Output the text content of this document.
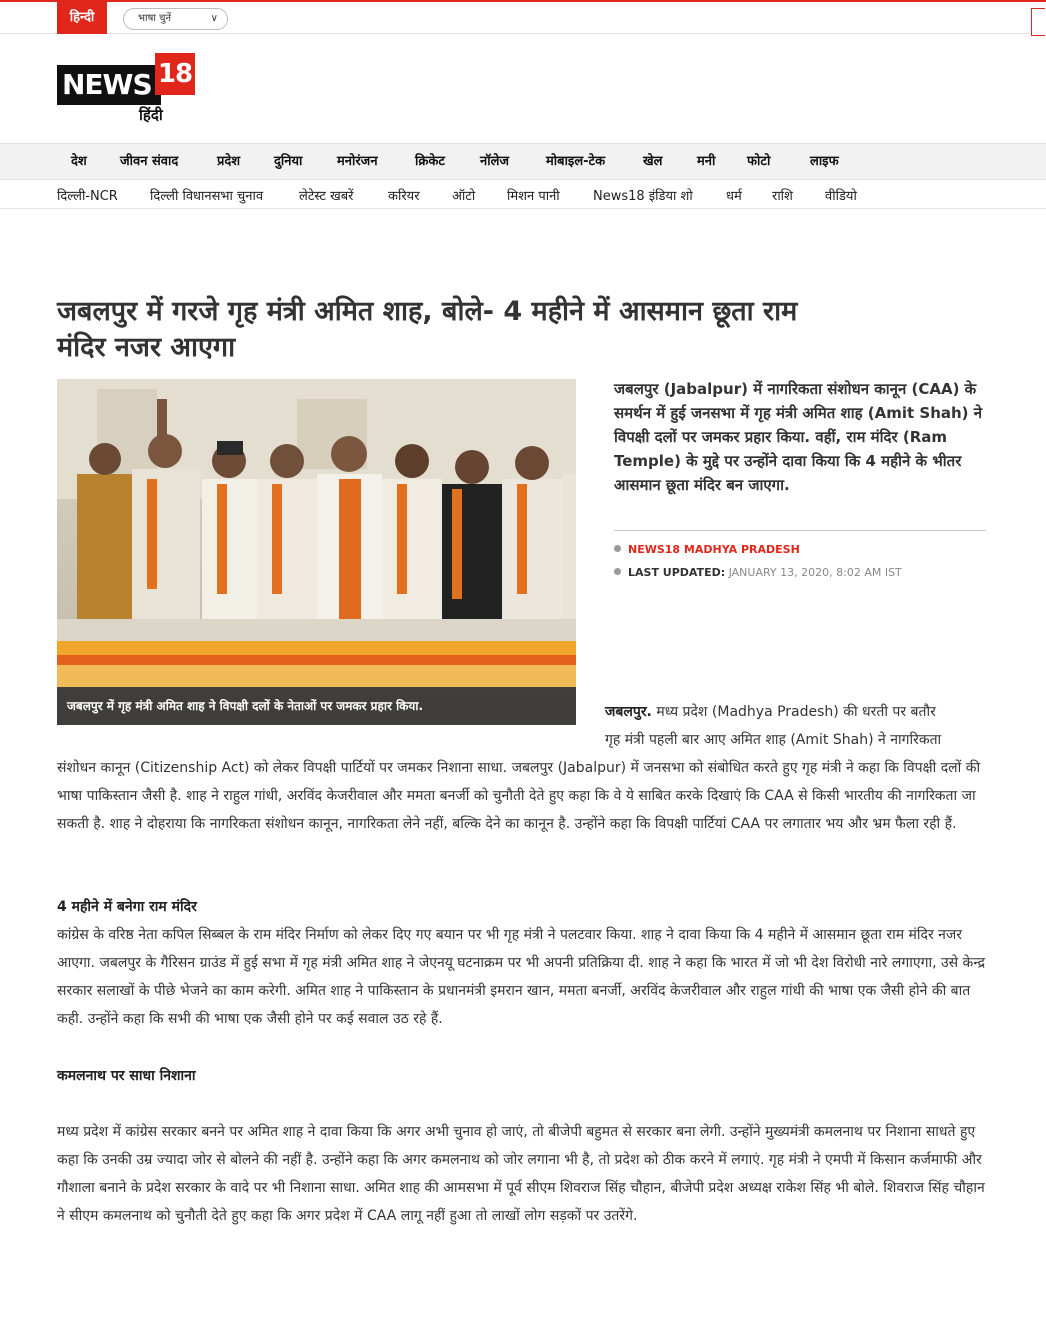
हिन्दी	भाषा चुनें	∨
NEWS 18
हिंदी
देश	जीवन संवाद	प्रदेश	दुनिया	मनोरंजन	क्रिकेट	नॉलेज	मोबाइल-टेक	खेल	मनी फोटो	लाइफ
दिल्ली-NCR दिल्ली विधानसभा चुनाव	लेटेस्ट खबरें	करियर ऑटो मिशन पानी	News18 इंडिया शो	धर्म राशि वीडियो
जबलपुर में गरजे गृह मंत्री अमित शाह, बोले- 4 महीने में आसमान छूता राम
मंदिर नजर आएगा
जबलपुर में गृह मंत्री अमित शाह ने विपक्षी दलों के नेताओं पर जमकर प्रहार किया.
जबलपुर (Jabalpur) में नागरिकता संशोधन कानून (CAA) के समर्थन में हुई जनसभा में गृह मंत्री अमित शाह (Amit Shah) ने विपक्षी दलों पर जमकर प्रहार किया. वहीं, राम मंदिर (Ram Temple) के मुद्दे पर उन्होंने दावा किया कि 4 महीने के भीतर आसमान छूता मंदिर बन जाएगा.
NEWS18 MADHYA PRADESH
LAST UPDATED: JANUARY 13, 2020, 8:02 AM IST
जबलपुर. मध्य प्रदेश (Madhya Pradesh) की धरती पर बतौर
गृह मंत्री पहली बार आए अमित शाह (Amit Shah) ने नागरिकता
संशोधन कानून (Citizenship Act) को लेकर विपक्षी पार्टियों पर जमकर निशाना साधा. जबलपुर (Jabalpur) में जनसभा को संबोधित करते हुए गृह मंत्री ने कहा कि विपक्षी दलों की भाषा पाकिस्तान जैसी है. शाह ने राहुल गांधी, अरविंद केजरीवाल और ममता बनर्जी को चुनौती देते हुए कहा कि वे ये साबित करके दिखाएं कि CAA से किसी भारतीय की नागरिकता जा सकती है. शाह ने दोहराया कि नागरिकता संशोधन कानून, नागरिकता लेने नहीं, बल्कि देने का कानून है. उन्होंने कहा कि विपक्षी पार्टियां CAA पर लगातार भय और भ्रम फैला रही हैं.
4 महीने में बनेगा राम मंदिर
कांग्रेस के वरिष्ठ नेता कपिल सिब्बल के राम मंदिर निर्माण को लेकर दिए गए बयान पर भी गृह मंत्री ने पलटवार किया. शाह ने दावा किया कि 4 महीने में आसमान छूता राम मंदिर नजर आएगा. जबलपुर के गैरिसन ग्राउंड में हुई सभा में गृह मंत्री अमित शाह ने जेएनयू घटनाक्रम पर भी अपनी प्रतिक्रिया दी. शाह ने कहा कि भारत में जो भी देश विरोधी नारे लगाएगा, उसे केन्द्र सरकार सलाखों के पीछे भेजने का काम करेगी. अमित शाह ने पाकिस्तान के प्रधानमंत्री इमरान खान, ममता बनर्जी, अरविंद केजरीवाल और राहुल गांधी की भाषा एक जैसी होने की बात कही. उन्होंने कहा कि सभी की भाषा एक जैसी होने पर कई सवाल उठ रहे हैं.
कमलनाथ पर साधा निशाना
मध्य प्रदेश में कांग्रेस सरकार बनने पर अमित शाह ने दावा किया कि अगर अभी चुनाव हो जाएं, तो बीजेपी बहुमत से सरकार बना लेगी. उन्होंने मुख्यमंत्री कमलनाथ पर निशाना साधते हुए कहा कि उनकी उम्र ज्यादा जोर से बोलने की नहीं है. उन्होंने कहा कि अगर कमलनाथ को जोर लगाना भी है, तो प्रदेश को ठीक करने में लगाएं. गृह मंत्री ने एमपी में किसान कर्जमाफी और गौशाला बनाने के प्रदेश सरकार के वादे पर भी निशाना साधा. अमित शाह की आमसभा में पूर्व सीएम शिवराज सिंह चौहान, बीजेपी प्रदेश अध्यक्ष राकेश सिंह भी बोले. शिवराज सिंह चौहान ने सीएम कमलनाथ को चुनौती देते हुए कहा कि अगर प्रदेश में CAA लागू नहीं हुआ तो लाखों लोग सड़कों पर उतरेंगे.
